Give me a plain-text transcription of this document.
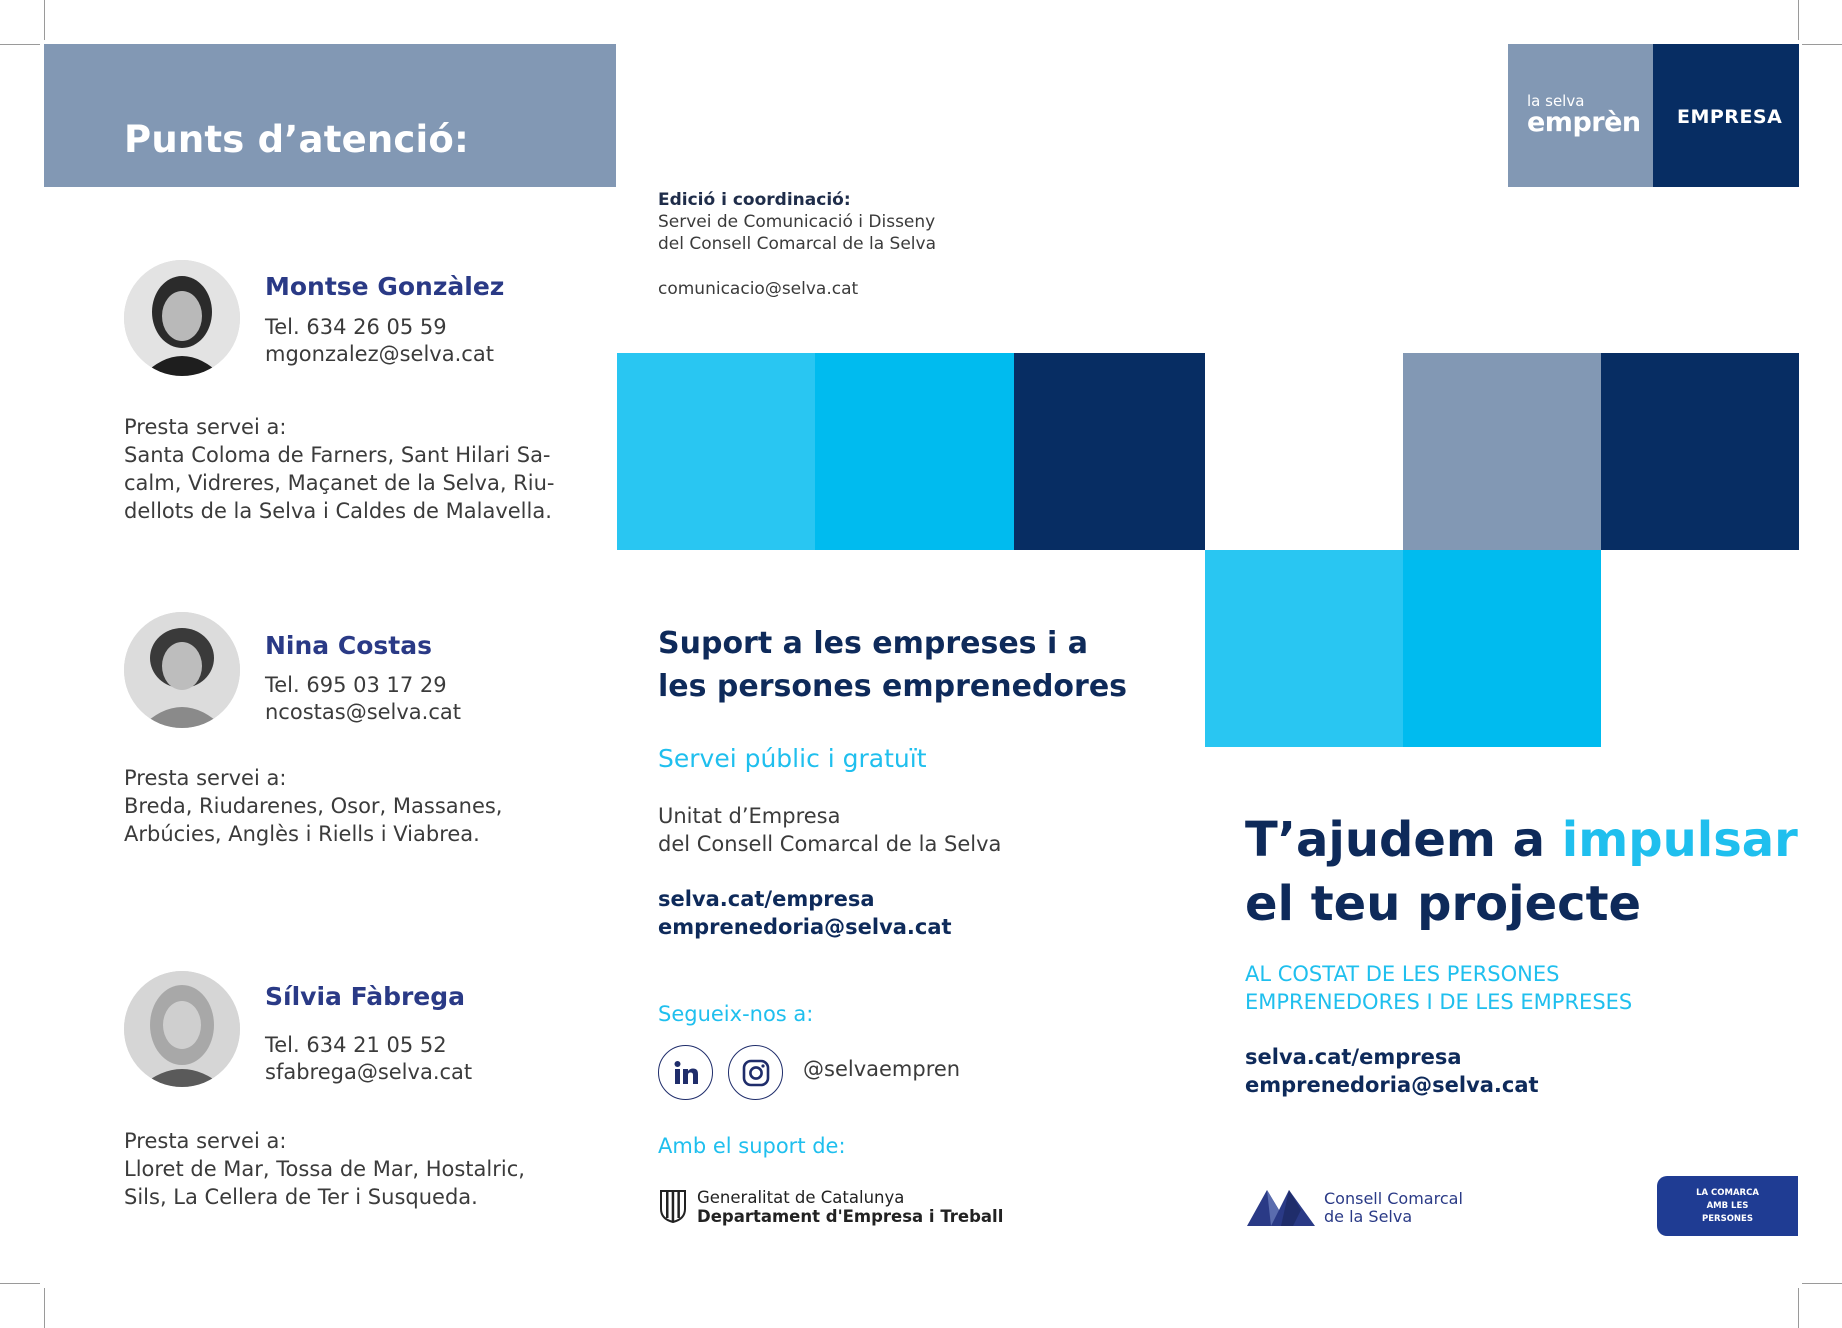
Punts d’atenció:
Montse Gonzàlez
Tel. 634 26 05 59
mgonzalez@selva.cat
Presta servei a:
Santa Coloma de Farners, Sant Hilari Sa-
calm, Vidreres, Maçanet de la Selva, Riu-
dellots de la Selva i Caldes de Malavella.
Nina Costas
Tel. 695 03 17 29
ncostas@selva.cat
Presta servei a:
Breda, Riudarenes, Osor, Massanes,
Arbúcies, Anglès i Riells i Viabrea.
Sílvia Fàbrega
Tel. 634 21 05 52
sfabrega@selva.cat
Presta servei a:
Lloret de Mar, Tossa de Mar, Hostalric,
Sils, La Cellera de Ter i Susqueda.
Edició i coordinació:
Servei de Comunicació i Disseny
del Consell Comarcal de la Selva
comunicacio@selva.cat
Suport a les empreses i a
les persones emprenedores
Servei públic i gratuït
Unitat d’Empresa
del Consell Comarcal de la Selva
selva.cat/empresa
emprenedoria@selva.cat
Segueix-nos a:
@selvaempren
Amb el suport de:
Generalitat de Catalunya
Departament d'Empresa i Treball
la selva
emprèn EMPRESA
T’ajudem a impulsar
el teu projecte
AL COSTAT DE LES PERSONES
EMPRENEDORES I DE LES EMPRESES
selva.cat/empresa
emprenedoria@selva.cat
Consell Comarcal
de la Selva
LA COMARCA
AMB LES
PERSONES
